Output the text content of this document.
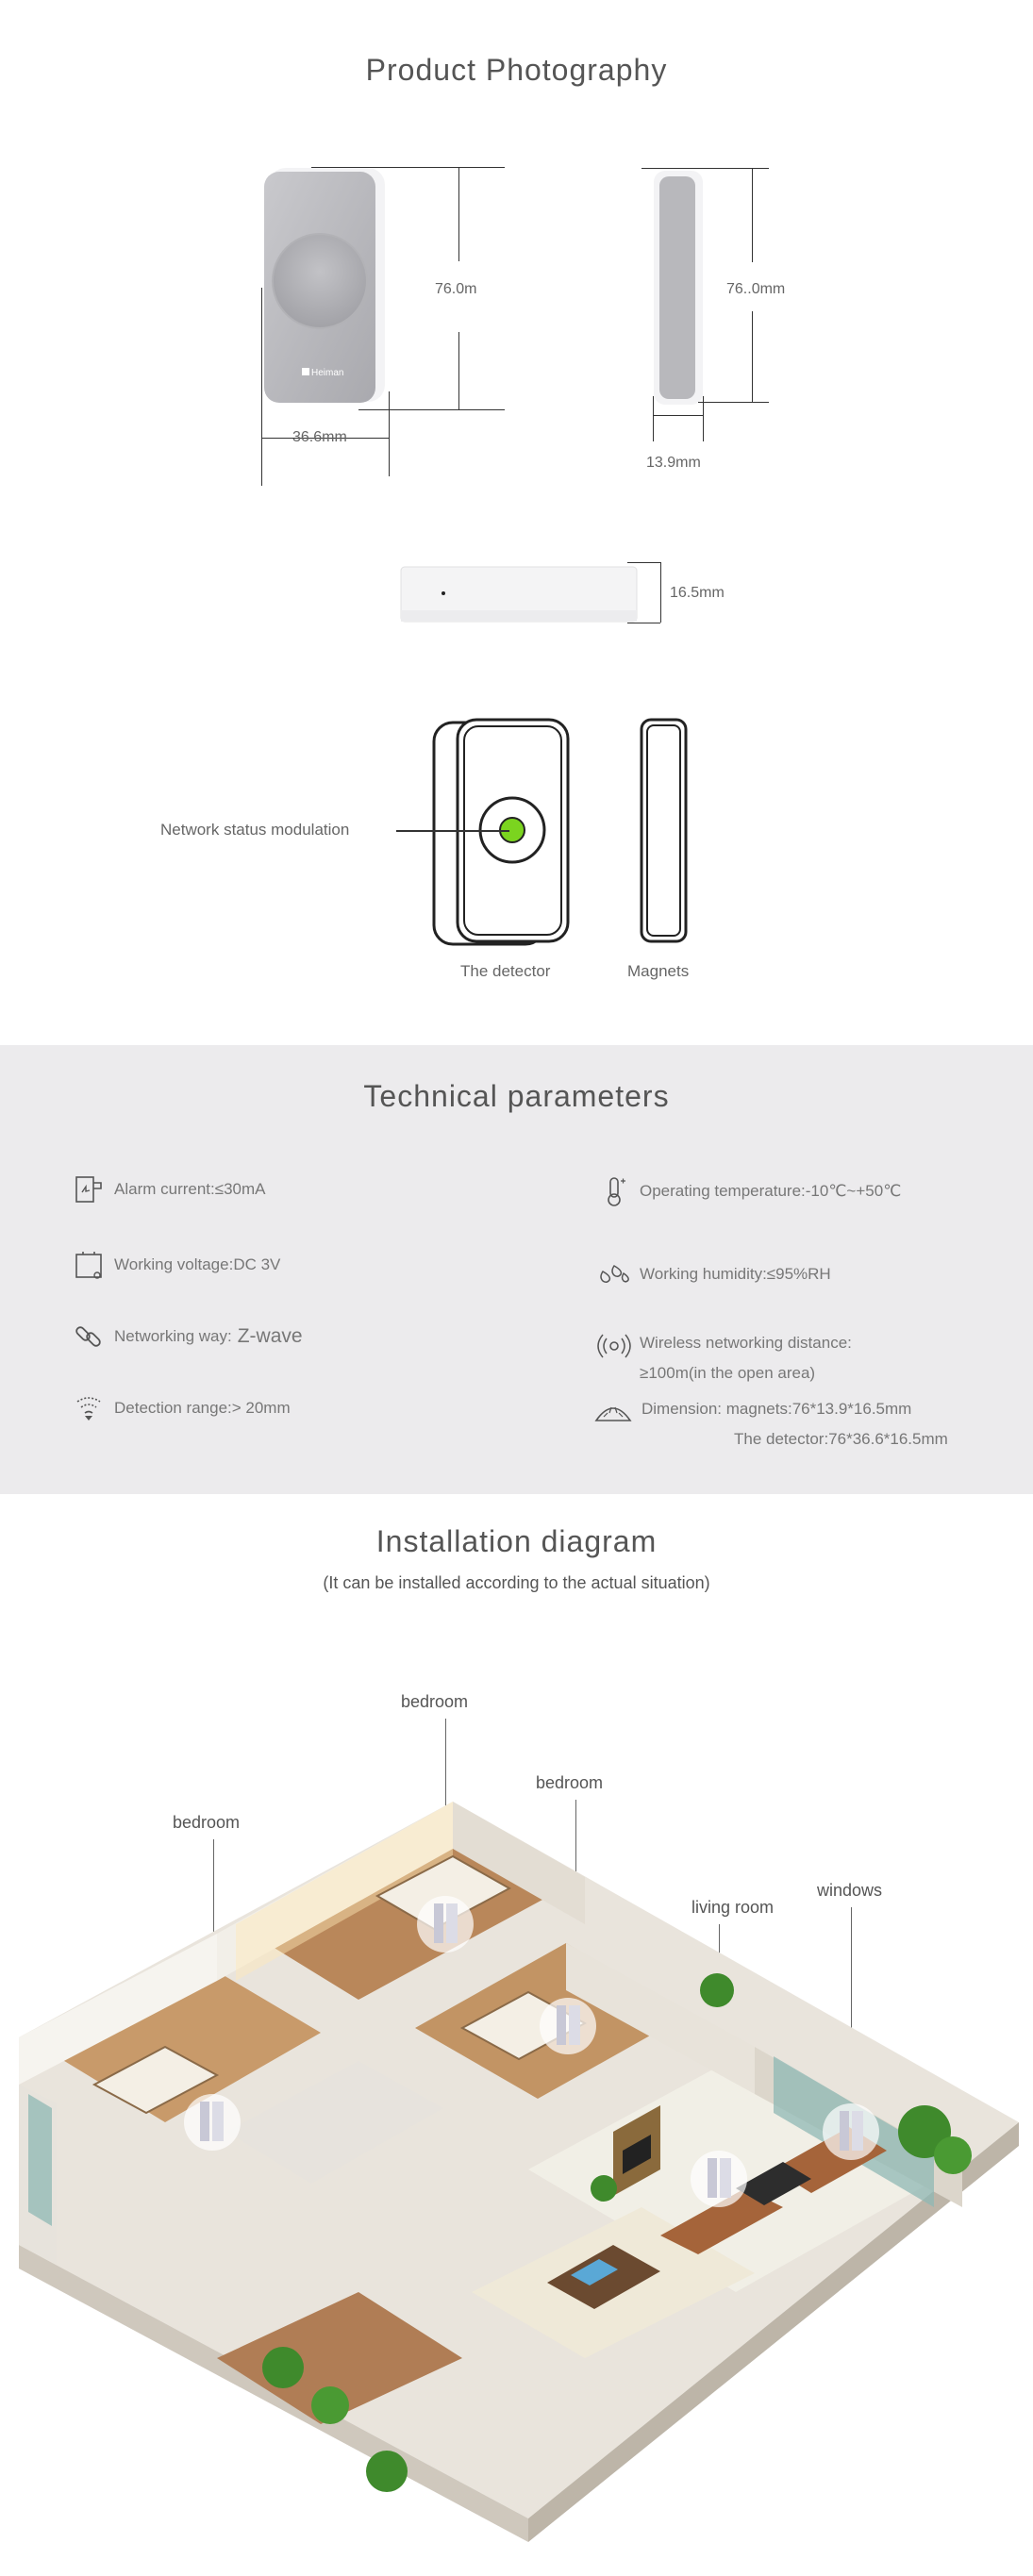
Product Photography
Heiman
76.0m
36.6mm
76..0mm
13.9mm
16.5mm
Network status modulation
The detector	Magnets
Technical parameters
Alarm current: ≤30mA
Working voltage: DC 3V
Networking way: Z-wave
Detection range: > 20mm
Operating temperature: -10℃~+50℃
Working humidity: ≤95%RH
Wireless networking distance:
≥100m(in the open area)
Dimension: magnets:76*13.9*16.5mm
The detector:76*36.6*16.5mm
Installation diagram
(It can be installed according to the actual situation)
bedroom
bedroom
bedroom
living room
windows
